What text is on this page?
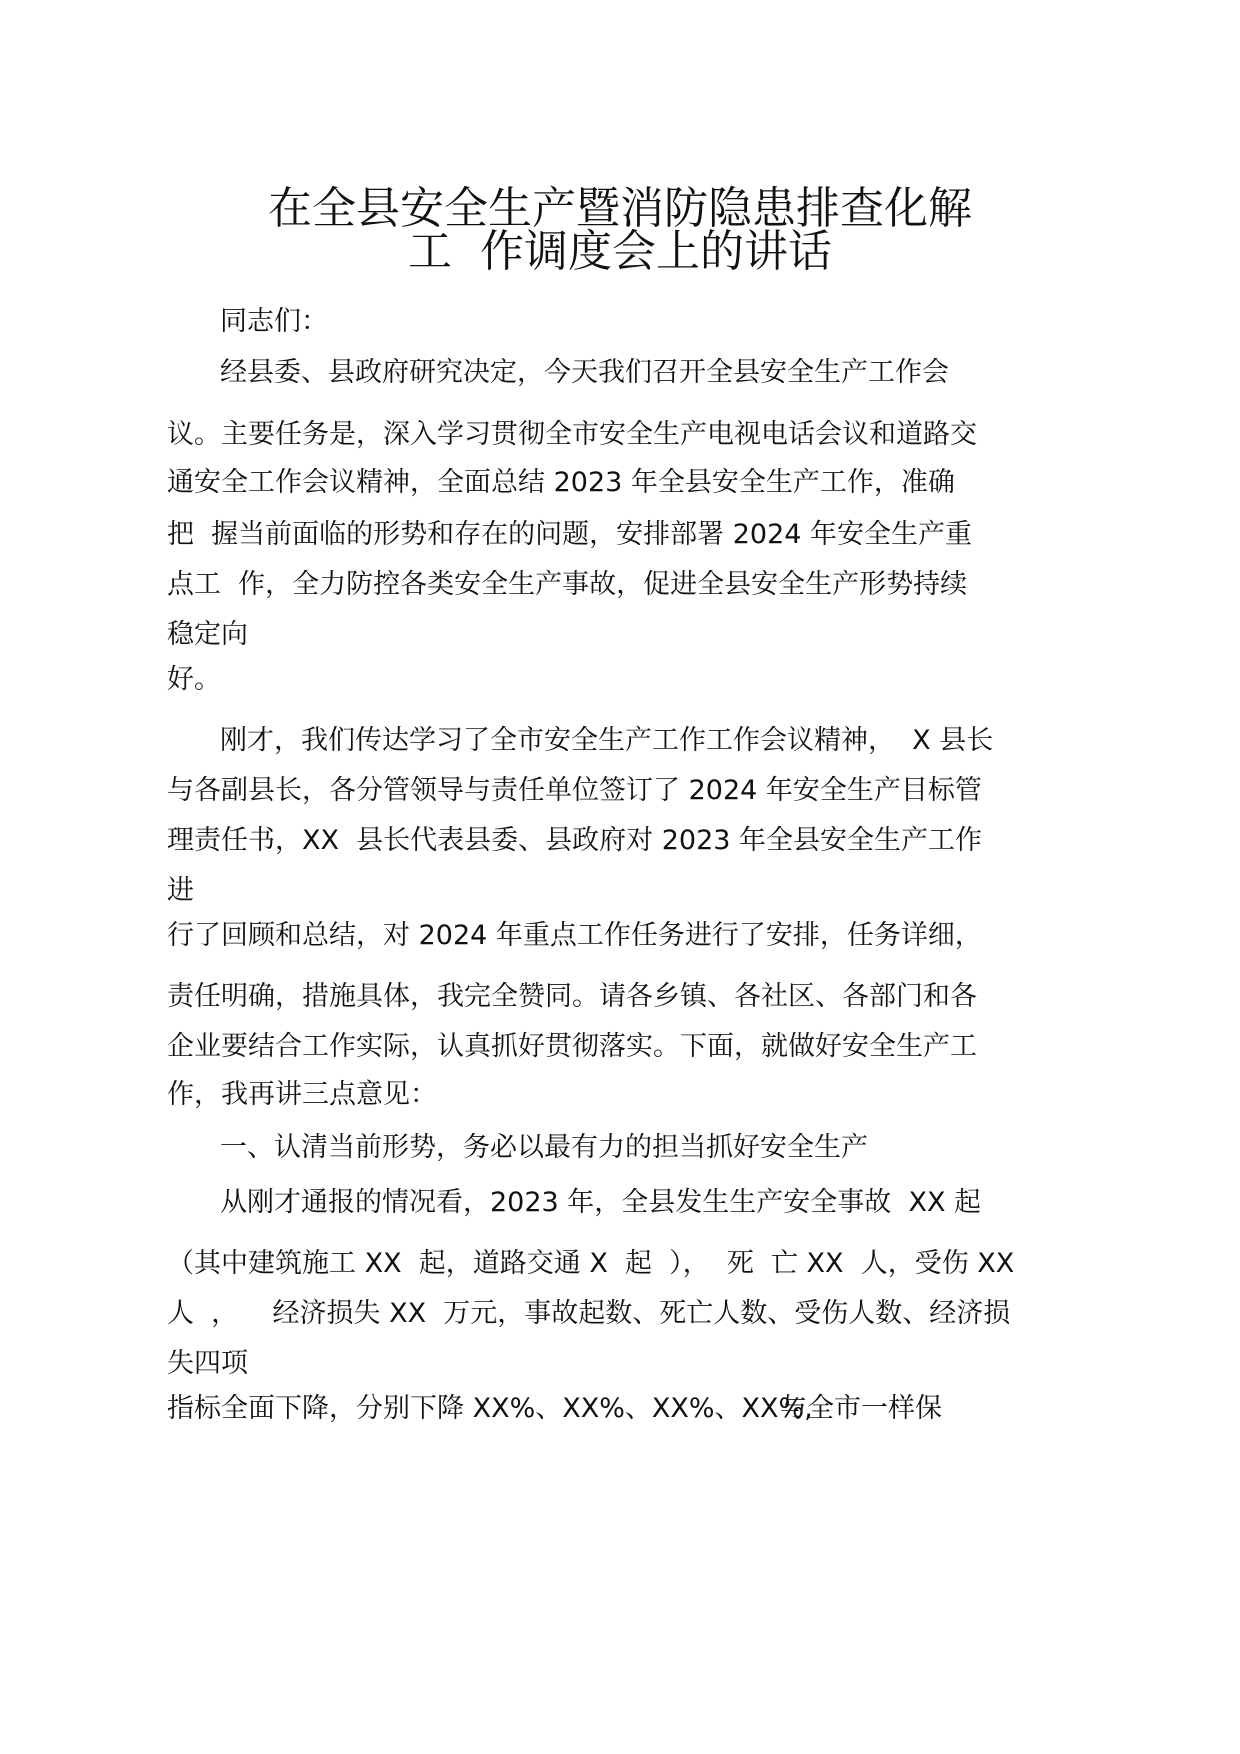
在全县安全生产暨消防隐患排查化解
工  作调度会上的讲话

同志们：

经县委、县政府研究决定，今天我们召开全县安全生产工作会

议。主要任务是，深入学习贯彻全市安全生产电视电话会议和道路交

通安全工作会议精神，全面总结 2023 年全县安全生产工作，准确

把  握当前面临的形势和存在的问题，安排部署 2024 年安全生产重

点工  作，全力防控各类安全生产事故，促进全县安全生产形势持续

稳定向

好。

刚才，我们传达学习了全市安全生产工作工作会议精神，  X 县长

与各副县长，各分管领导与责任单位签订了 2024 年安全生产目标管

理责任书，XX  县长代表县委、县政府对 2023 年全县安全生产工作

进

行了回顾和总结，对 2024 年重点工作任务进行了安排，任务详细，

责任明确，措施具体，我完全赞同。请各乡镇、各社区、各部门和各

企业要结合工作实际，认真抓好贯彻落实。下面，就做好安全生产工

作，我再讲三点意见：

一、认清当前形势，务必以最有力的担当抓好安全生产

从刚才通报的情况看，2023 年，全县发生生产安全事故  XX 起

（其中建筑施工 XX  起，道路交通 X  起  ），  死  亡 XX  人，受伤 XX

人  ，    经济损失 XX  万元，事故起数、死亡人数、受伤人数、经济损

失四项

指标全面下降，分别下降 XX%、XX%、XX%、XX%,

与全市一样保
